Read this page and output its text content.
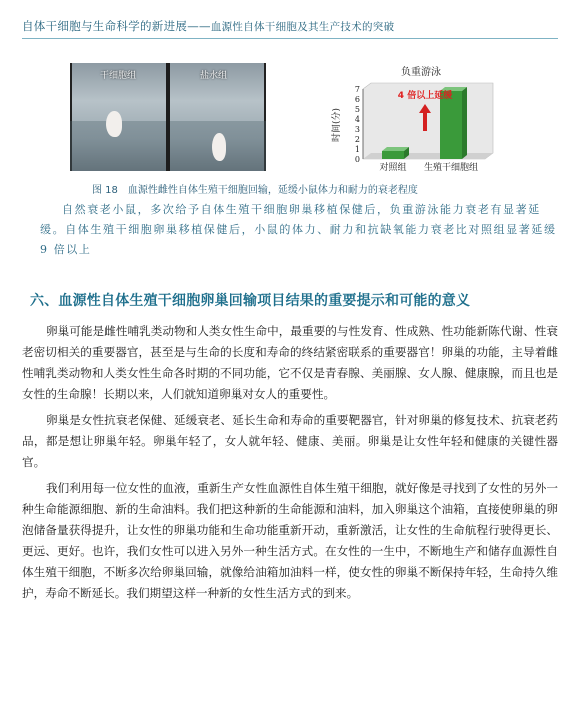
自体干细胞与生命科学的新进展——血源性自体干细胞及其生产技术的突破
干细胞组	盐水组	负重游泳
0
1
2
3
4
5
6
7
时间(分)
对照组 生殖干细胞组
4 倍以上延缓
图 18 血源性雌性自体生殖干细胞回输，延缓小鼠体力和耐力的衰老程度
自然衰老小鼠，多次给予自体生殖干细胞卵巢移植保健后，负重游泳能力衰老有显著延缓。自体生殖干细胞卵巢移植保健后，小鼠的体力、耐力和抗缺氧能力衰老比对照组显著延缓 9 倍以上
六、血源性自体生殖干细胞卵巢回输项目结果的重要提示和可能的意义

卵巢可能是雌性哺乳类动物和人类女性生命中，最重要的与性发育、性成熟、性功能新陈代谢、性衰老密切相关的重要器官，甚至是与生命的长度和寿命的终结紧密联系的重要器官！卵巢的功能，主导着雌性哺乳类动物和人类女性生命各时期的不同功能，它不仅是青春腺、美丽腺、女人腺、健康腺，而且也是女性的生命腺！长期以来，人们就知道卵巢对女人的重要性。

卵巢是女性抗衰老保健、延缓衰老、延长生命和寿命的重要靶器官，针对卵巢的修复技术、抗衰老药品，都是想让卵巢年轻。卵巢年轻了，女人就年轻、健康、美丽。卵巢是让女性年轻和健康的关键性器官。

我们利用每一位女性的血液，重新生产女性血源性自体生殖干细胞，就好像是寻找到了女性的另外一种生命能源细胞、新的生命油料。我们把这种新的生命能源和油料，加入卵巢这个油箱，直接使卵巢的卵泡储备量获得提升，让女性的卵巢功能和生命功能重新开动，重新激活，让女性的生命航程行驶得更长、更远、更好。也许，我们女性可以进入另外一种生活方式。在女性的一生中，不断地生产和储存血源性自体生殖干细胞，不断多次给卵巢回输，就像给油箱加油料一样，使女性的卵巢不断保持年轻，生命持久维护，寿命不断延长。我们期望这样一种新的女性生活方式的到来。
